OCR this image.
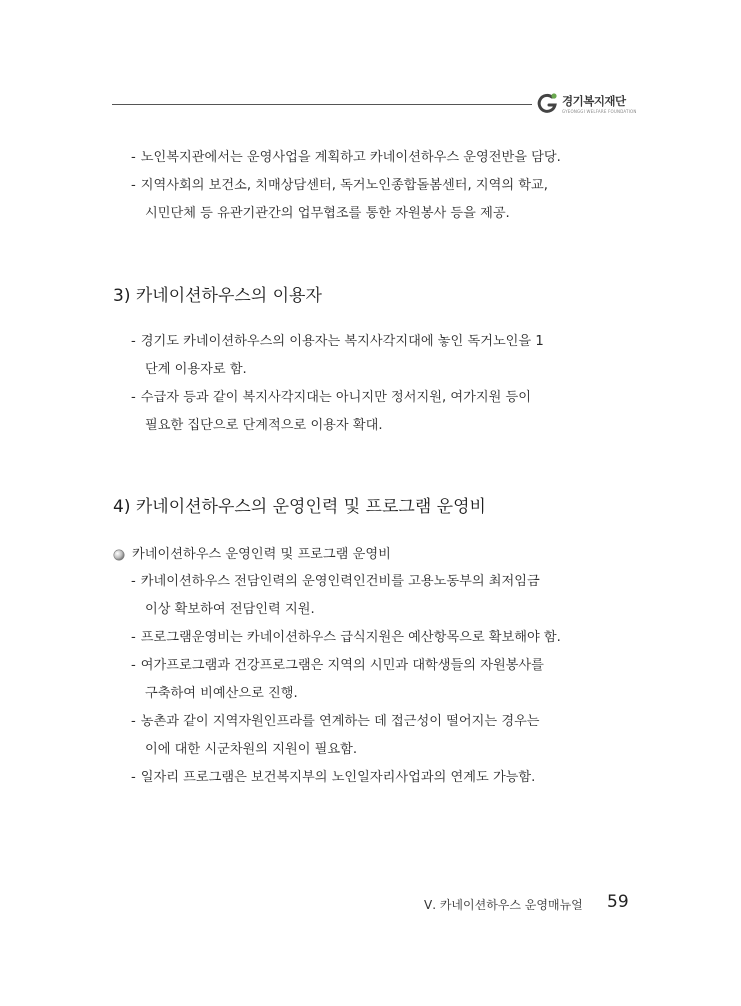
경기복지재단
GYEONGGI WELFARE FOUNDATION
- 노인복지관에서는 운영사업을 계획하고 카네이션하우스 운영전반을 담당.
- 지역사회의 보건소, 치매상담센터, 독거노인종합돌봄센터, 지역의 학교,
시민단체 등 유관기관간의 업무협조를 통한 자원봉사 등을 제공.
3) 카네이션하우스의 이용자
- 경기도 카네이션하우스의 이용자는 복지사각지대에 놓인 독거노인을 1
단계 이용자로 함.
- 수급자 등과 같이 복지사각지대는 아니지만 정서지원, 여가지원 등이
필요한 집단으로 단계적으로 이용자 확대.
4) 카네이션하우스의 운영인력 및 프로그램 운영비
카네이션하우스 운영인력 및 프로그램 운영비
- 카네이션하우스 전담인력의 운영인력인건비를 고용노동부의 최저임금
이상 확보하여 전담인력 지원.
- 프로그램운영비는 카네이션하우스 급식지원은 예산항목으로 확보해야 함.
- 여가프로그램과 건강프로그램은 지역의 시민과 대학생들의 자원봉사를
구축하여 비예산으로 진행.
- 농촌과 같이 지역자원인프라를 연계하는 데 접근성이 떨어지는 경우는
이에 대한 시군차원의 지원이 필요함.
- 일자리 프로그램은 보건복지부의 노인일자리사업과의 연계도 가능함.
Ⅴ. 카네이션하우스 운영매뉴얼 59
